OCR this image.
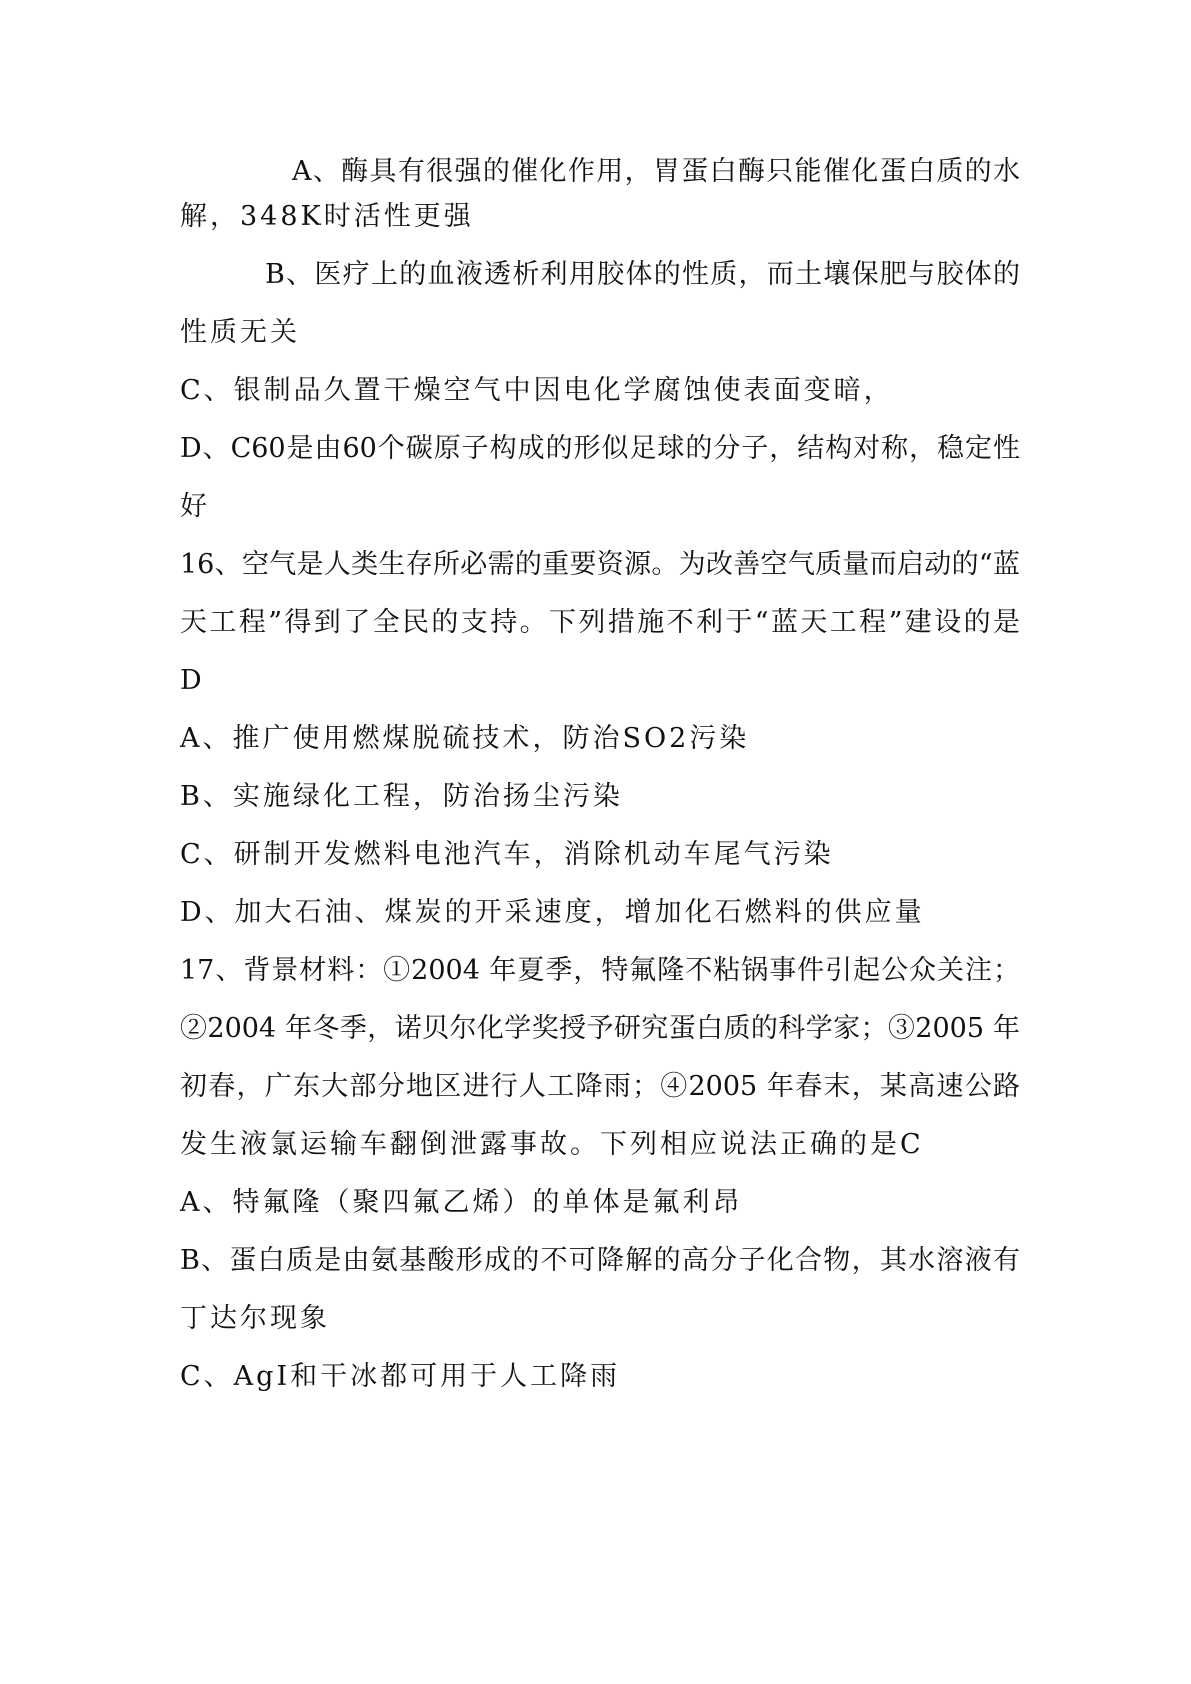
A、酶具有很强的催化作用，胃蛋白酶只能催化蛋白质的水
解，348K时活性更强
B、医疗上的血液透析利用胶体的性质，而土壤保肥与胶体的
性质无关
C、银制品久置干燥空气中因电化学腐蚀使表面变暗，
D、C60是由60个碳原子构成的形似足球的分子，结构对称，稳定性
好
16、空气是人类生存所必需的重要资源。为改善空气质量而启动的“蓝
天工程”得到了全民的支持。下列措施不利于“蓝天工程”建设的是
D
A、推广使用燃煤脱硫技术，防治SO2污染
B、实施绿化工程，防治扬尘污染
C、研制开发燃料电池汽车，消除机动车尾气污染
D、加大石油、煤炭的开采速度，增加化石燃料的供应量
17、背景材料：①2004 年夏季，特氟隆不粘锅事件引起公众关注；
②2004 年冬季，诺贝尔化学奖授予研究蛋白质的科学家；③2005 年
初春，广东大部分地区进行人工降雨；④2005 年春末，某高速公路
发生液氯运输车翻倒泄露事故。下列相应说法正确的是C
A、特氟隆（聚四氟乙烯）的单体是氟利昂
B、蛋白质是由氨基酸形成的不可降解的高分子化合物，其水溶液有
丁达尔现象
C、AgI和干冰都可用于人工降雨
